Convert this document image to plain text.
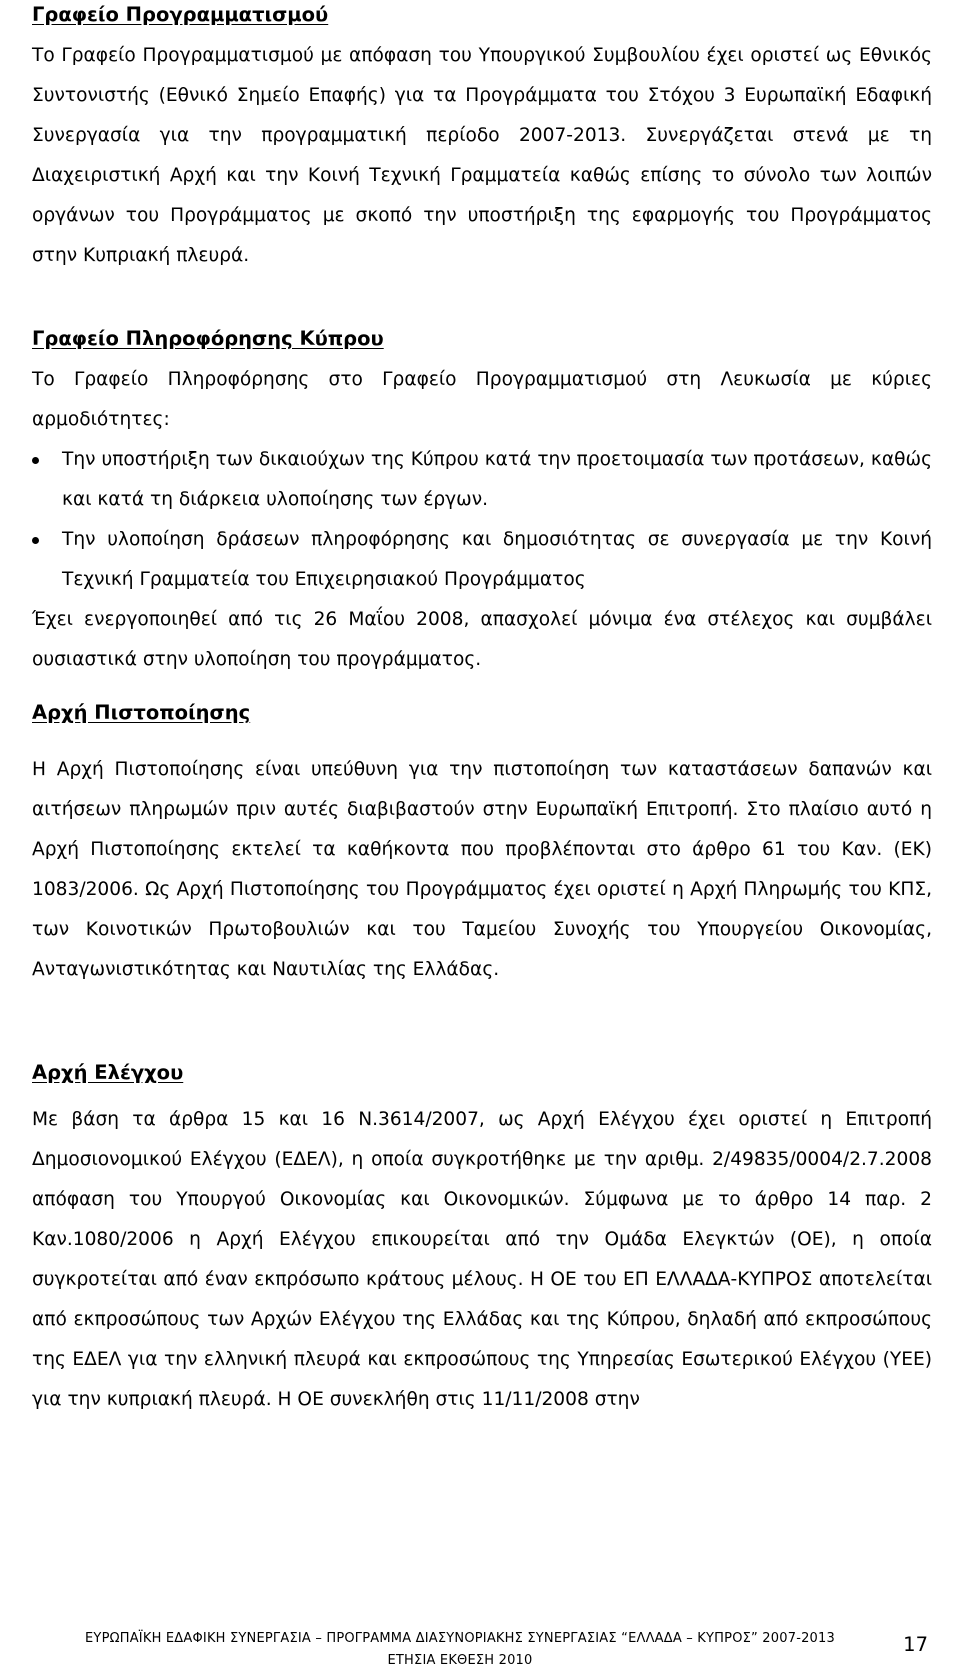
Γραφείο Προγραμματισμού

Το Γραφείο Προγραμματισμού με απόφαση του Υπουργικού Συμβουλίου έχει οριστεί ως Εθνικός Συντονιστής (Εθνικό Σημείο Επαφής) για τα Προγράμματα του Στόχου 3 Ευρωπαϊκή Εδαφική Συνεργασία για την προγραμματική περίοδο 2007-2013. Συνεργάζεται στενά με τη Διαχειριστική Αρχή και την Κοινή Τεχνική Γραμματεία καθώς επίσης το σύνολο των λοιπών οργάνων του Προγράμματος με σκοπό την υποστήριξη της εφαρμογής του Προγράμματος στην Κυπριακή πλευρά.

Γραφείο Πληροφόρησης Κύπρου

Το Γραφείο Πληροφόρησης στο Γραφείο Προγραμματισμού στη Λευκωσία με κύριες αρμοδιότητες:

Την υποστήριξη των δικαιούχων της Κύπρου κατά την προετοιμασία των προτάσεων, καθώς και κατά τη διάρκεια υλοποίησης των έργων.
Την υλοποίηση δράσεων πληροφόρησης και δημοσιότητας σε συνεργασία με την Κοινή Τεχνική Γραμματεία του Επιχειρησιακού Προγράμματος

Έχει ενεργοποιηθεί από τις 26 Μαΐου 2008, απασχολεί μόνιμα ένα στέλεχος και συμβάλει ουσιαστικά στην υλοποίηση του προγράμματος.

Αρχή Πιστοποίησης

Η Αρχή Πιστοποίησης είναι υπεύθυνη για την πιστοποίηση των καταστάσεων δαπανών και αιτήσεων πληρωμών πριν αυτές διαβιβαστούν στην Ευρωπαϊκή Επιτροπή. Στο πλαίσιο αυτό η Αρχή Πιστοποίησης εκτελεί τα καθήκοντα που προβλέπονται στο άρθρο 61 του Καν. (ΕΚ) 1083/2006. Ως Αρχή Πιστοποίησης του Προγράμματος έχει οριστεί η Αρχή Πληρωμής του ΚΠΣ, των Κοινοτικών Πρωτοβουλιών και του Ταμείου Συνοχής του Υπουργείου Οικονομίας, Ανταγωνιστικότητας και Ναυτιλίας της Ελλάδας.

Αρχή Ελέγχου

Με βάση τα άρθρα 15 και 16 Ν.3614/2007, ως Αρχή Ελέγχου έχει οριστεί η Επιτροπή Δημοσιονομικού Ελέγχου (ΕΔΕΛ), η οποία συγκροτήθηκε με την αριθμ. 2/49835/0004/2.7.2008 απόφαση του Υπουργού Οικονομίας και Οικονομικών. Σύμφωνα με το άρθρο 14 παρ. 2 Καν.1080/2006 η Αρχή Ελέγχου επικουρείται από την Ομάδα Ελεγκτών (ΟΕ), η οποία συγκροτείται από έναν εκπρόσωπο κράτους μέλους. Η ΟΕ του ΕΠ ΕΛΛΑΔΑ-ΚΥΠΡΟΣ αποτελείται από εκπροσώπους των Αρχών Ελέγχου της Ελλάδας και της Κύπρου, δηλαδή από εκπροσώπους της ΕΔΕΛ για την ελληνική πλευρά και εκπροσώπους της Υπηρεσίας Εσωτερικού Ελέγχου (ΥΕΕ) για την κυπριακή πλευρά. Η ΟΕ συνεκλήθη στις 11/11/2008 στην

ΕΥΡΩΠΑΪΚΗ ΕΔΑΦΙΚΗ ΣΥΝΕΡΓΑΣΙΑ – ΠΡΟΓΡΑΜΜΑ ΔΙΑΣΥΝΟΡΙΑΚΗΣ ΣΥΝΕΡΓΑΣΙΑΣ “ΕΛΛΑΔΑ – ΚΥΠΡΟΣ” 2007-2013
ΕΤΗΣΙΑ ΕΚΘΕΣΗ 2010
17
